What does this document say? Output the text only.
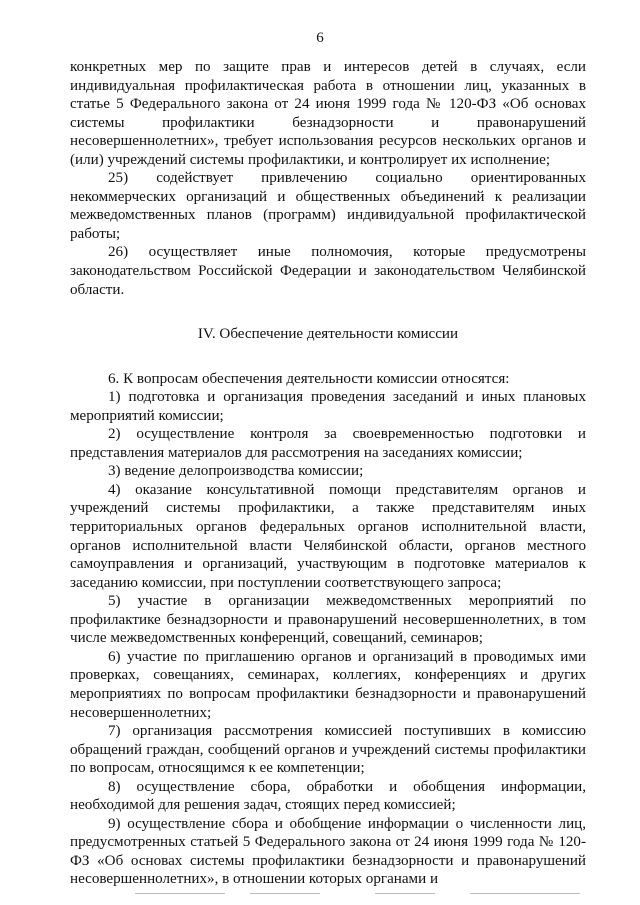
6

конкретных мер по защите прав и интересов детей в случаях, если индивидуальная профилактическая работа в отношении лиц, указанных в статье 5 Федерального закона от 24 июня 1999 года № 120-ФЗ «Об основах системы профилактики безнадзорности и правонарушений несовершеннолетних», требует использования ресурсов нескольких органов и (или) учреждений системы профилактики, и контролирует их исполнение;

25) содействует привлечению социально ориентированных некоммерческих организаций и общественных объединений к реализации межведомственных планов (программ) индивидуальной профилактической работы;

26) осуществляет иные полномочия, которые предусмотрены законодательством Российской Федерации и законодательством Челябинской области.

IV. Обеспечение деятельности комиссии

6. К вопросам обеспечения деятельности комиссии относятся:

1) подготовка и организация проведения заседаний и иных плановых мероприятий комиссии;

2) осуществление контроля за своевременностью подготовки и представления материалов для рассмотрения на заседаниях комиссии;

3) ведение делопроизводства комиссии;

4) оказание консультативной помощи представителям органов и учреждений системы профилактики, а также представителям иных территориальных органов федеральных органов исполнительной власти, органов исполнительной власти Челябинской области, органов местного самоуправления и организаций, участвующим в подготовке материалов к заседанию комиссии, при поступлении соответствующего запроса;

5) участие в организации межведомственных мероприятий по профилактике безнадзорности и правонарушений несовершеннолетних, в том числе межведомственных конференций, совещаний, семинаров;

6) участие по приглашению органов и организаций в проводимых ими проверках, совещаниях, семинарах, коллегиях, конференциях и других мероприятиях по вопросам профилактики безнадзорности и правонарушений несовершеннолетних;

7) организация рассмотрения комиссией поступивших в комиссию обращений граждан, сообщений органов и учреждений системы профилактики по вопросам, относящимся к ее компетенции;

8) осуществление сбора, обработки и обобщения информации, необходимой для решения задач, стоящих перед комиссией;

9) осуществление сбора и обобщение информации о численности лиц, предусмотренных статьей 5 Федерального закона от 24 июня 1999 года № 120-ФЗ «Об основах системы профилактики безнадзорности и правонарушений несовершеннолетних», в отношении которых органами и
